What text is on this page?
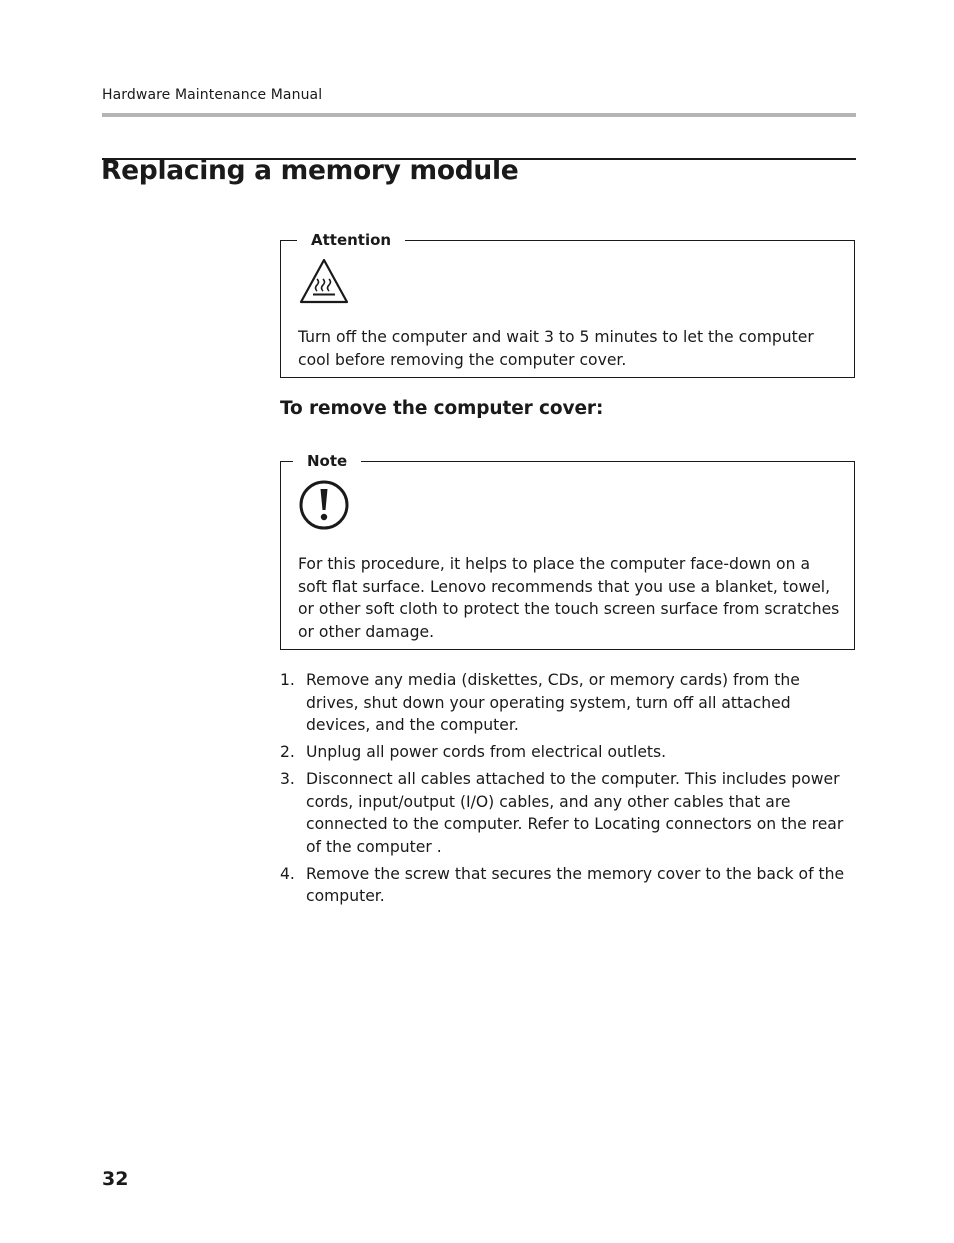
Hardware Maintenance Manual
Replacing a memory module
Attention

Turn off the computer and wait 3 to 5 minutes to let the computer cool before removing the computer cover.

To remove the computer cover:
Note

For this procedure, it helps to place the computer face-down on a soft flat surface. Lenovo recommends that you use a blanket, towel, or other soft cloth to protect the touch screen surface from scratches or other damage.

1. Remove any media (diskettes, CDs, or memory cards) from the drives, shut down your operating system, turn off all attached devices, and the computer.
2. Unplug all power cords from electrical outlets.
3. Disconnect all cables attached to the computer. This includes power cords, input/output (I/O) cables, and any other cables that are connected to the computer. Refer to Locating connectors on the rear of the computer .
4. Remove the screw that secures the memory cover to the back of the computer.
32
